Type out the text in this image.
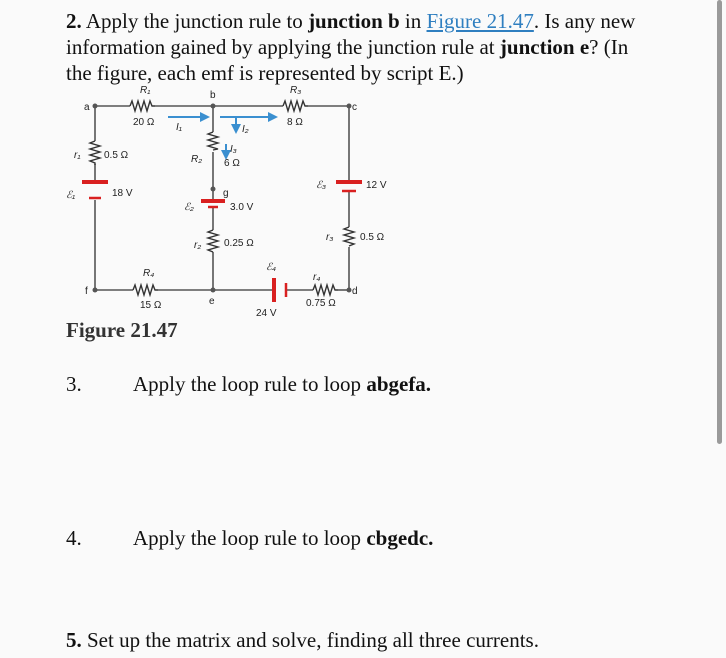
2. Apply the junction rule to junction b in Figure 21.47. Is any new information gained by applying the junction rule at junction e? (In the figure, each emf is represented by script E.)
a
b
c
d
e
f
g
R₁
20 Ω
R₃
8 Ω
R₂ 6 Ω
R₄
15 Ω
r₁ 0.5 Ω
r₂ 0.25 Ω
r₃	0.5 Ω
r₄
0.75 Ω
ℰ₁	18 V
ℰ₂	3.0 V
ℰ₃	12 V
ℰ₄
24 V
I₁	I₂
I₃
Figure 21.47
3. Apply the loop rule to loop abgefa.
4. Apply the loop rule to loop cbgedc.
5. Set up the matrix and solve, finding all three currents.
